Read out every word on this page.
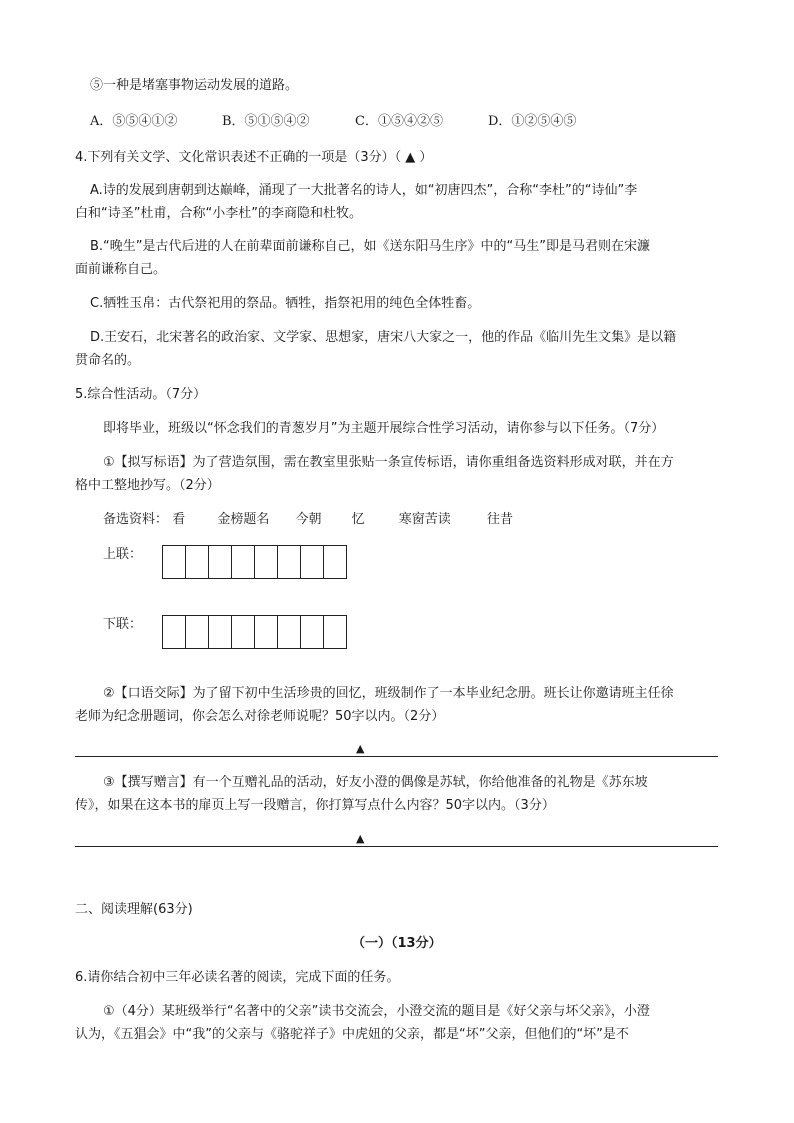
⑤一种是堵塞事物运动发展的道路。
A．⑤⑤④①②	B．⑤①⑤④②	C．①⑤④②⑤	D．①②⑤④⑤
4.下列有关文学、文化常识表述不正确的一项是（3分）（ ▲ ）
A.诗的发展到唐朝到达巅峰，涌现了一大批著名的诗人，如“初唐四杰”，合称“李杜”的“诗仙”李
白和“诗圣”杜甫，合称“小李杜”的李商隐和杜牧。
B.“晚生”是古代后进的人在前辈面前谦称自己，如《送东阳马生序》中的“马生”即是马君则在宋濂
面前谦称自己。
C.牺牲玉帛：古代祭祀用的祭品。牺牲，指祭祀用的纯色全体牲畜。
D.王安石，北宋著名的政治家、文学家、思想家，唐宋八大家之一，他的作品《临川先生文集》是以籍
贯命名的。
5.综合性活动。（7分）
即将毕业，班级以“怀念我们的青葱岁月”为主题开展综合性学习活动，请你参与以下任务。（7分）
①【拟写标语】为了营造氛围，需在教室里张贴一条宣传标语，请你重组备选资料形成对联，并在方
格中工整地抄写。（2分）
备选资料： 看 金榜题名 今朝 忆	寒窗苦读	往昔
上联：
下联：
②【口语交际】为了留下初中生活珍贵的回忆，班级制作了一本毕业纪念册。班长让你邀请班主任徐
老师为纪念册题词，你会怎么对徐老师说呢？50字以内。（2分）
▲
③【撰写赠言】有一个互赠礼品的活动，好友小澄的偶像是苏轼，你给他准备的礼物是《苏东坡
传》，如果在这本书的扉页上写一段赠言，你打算写点什么内容？50字以内。（3分）
▲
二、阅读理解(63分)
（一）（13分）
6.请你结合初中三年必读名著的阅读，完成下面的任务。
①（4分）某班级举行“名著中的父亲”读书交流会，小澄交流的题目是《好父亲与坏父亲》，小澄
认为，《五猖会》中“我”的父亲与《骆驼祥子》中虎妞的父亲，都是“坏”父亲，但他们的“坏”是不
